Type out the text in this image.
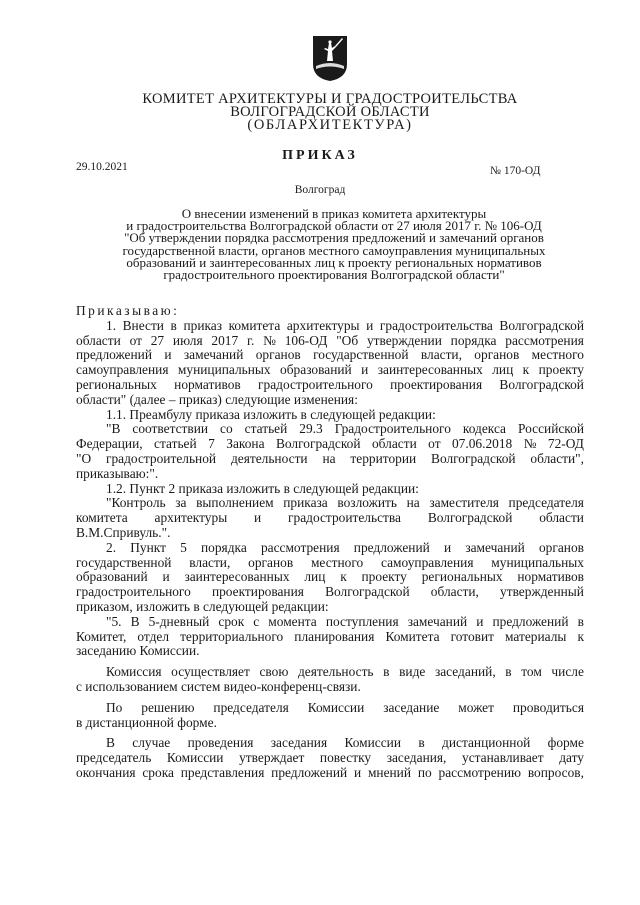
КОМИТЕТ АРХИТЕКТУРЫ И ГРАДОСТРОИТЕЛЬСТВА
ВОЛГОГРАДСКОЙ ОБЛАСТИ
(ОБЛАРХИТЕКТУРА)
ПРИКАЗ
29.10.2021	№ 170-ОД
Волгоград
О внесении изменений в приказ комитета архитектуры
и градостроительства Волгоградской области от 27 июля 2017 г. № 106-ОД
"Об утверждении порядка рассмотрения предложений и замечаний органов
государственной власти, органов местного самоуправления муниципальных
образований и заинтересованных лиц к проекту региональных нормативов
градостроительного проектирования Волгоградской области"
Приказываю:
1. Внести в приказ комитета архитектуры и градостроительства Волгоградской
области от 27 июля 2017 г. № 106-ОД "Об утверждении порядка рассмотрения
предложений и замечаний органов государственной власти, органов местного
самоуправления муниципальных образований и заинтересованных лиц к проекту
региональных нормативов градостроительного проектирования Волгоградской
области" (далее – приказ) следующие изменения:
1.1. Преамбулу приказа изложить в следующей редакции:
"В соответствии со статьей 29.3 Градостроительного кодекса Российской
Федерации, статьей 7 Закона Волгоградской области от 07.06.2018 № 72-ОД
"О градостроительной деятельности на территории Волгоградской области",
приказываю:".
1.2. Пункт 2 приказа изложить в следующей редакции:
"Контроль за выполнением приказа возложить на заместителя председателя
комитета архитектуры и градостроительства Волгоградской области
В.М.Спривуль.".
2. Пункт 5 порядка рассмотрения предложений и замечаний органов
государственной власти, органов местного самоуправления муниципальных
образований и заинтересованных лиц к проекту региональных нормативов
градостроительного проектирования Волгоградской области, утвержденный
приказом, изложить в следующей редакции:
"5. В 5-дневный срок с момента поступления замечаний и предложений в
Комитет, отдел территориального планирования Комитета готовит материалы к
заседанию Комиссии.
Комиссия осуществляет свою деятельность в виде заседаний, в том числе
с использованием систем видео-конференц-связи.
По решению председателя Комиссии заседание может проводиться
в дистанционной форме.
В случае проведения заседания Комиссии в дистанционной форме
председатель Комиссии утверждает повестку заседания, устанавливает дату
окончания срока представления предложений и мнений по рассмотрению вопросов,
